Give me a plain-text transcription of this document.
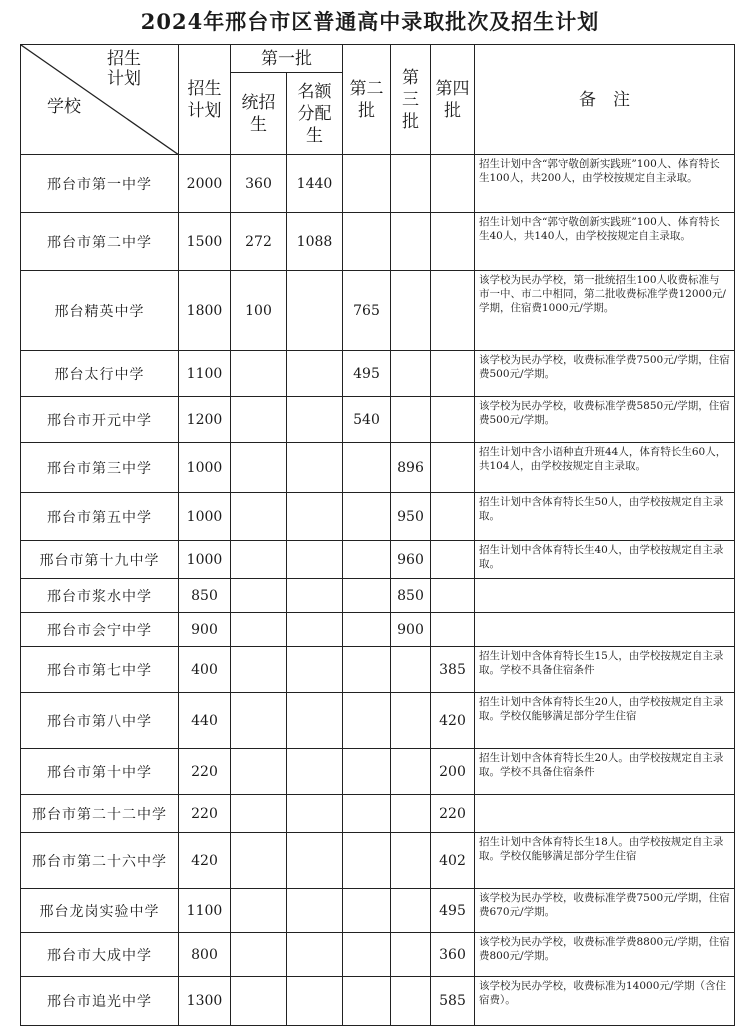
2024年邢台市区普通高中录取批次及招生计划
招生计划
学校	招生计划	第一批		第二批	第三批	第四批	备　注
		统招生	名额分配生				
邢台市第一中学	2000	360	1440				招生计划中含“郭守敬创新实践班”100人、体育特长生100人，共200人，由学校按规定自主录取。
邢台市第二中学	1500	272	1088				招生计划中含“郭守敬创新实践班”100人、体育特长生40人，共140人，由学校按规定自主录取。
邢台精英中学	1800	100		765			该学校为民办学校，第一批统招生100人收费标准与市一中、市二中相同，第二批收费标准学费12000元/学期，住宿费1000元/学期。
邢台太行中学	1100			495			该学校为民办学校，收费标准学费7500元/学期，住宿费500元/学期。
邢台市开元中学	1200			540			该学校为民办学校，收费标准学费5850元/学期，住宿费500元/学期。
邢台市第三中学	1000				896		招生计划中含小语种直升班44人，体育特长生60人，共104人，由学校按规定自主录取。
邢台市第五中学	1000				950		招生计划中含体育特长生50人，由学校按规定自主录取。
邢台市第十九中学	1000				960		招生计划中含体育特长生40人，由学校按规定自主录取。
邢台市浆水中学	850				850		
邢台市会宁中学	900				900		
邢台市第七中学	400					385	招生计划中含体育特长生15人，由学校按规定自主录取。学校不具备住宿条件
邢台市第八中学	440					420	招生计划中含体育特长生20人，由学校按规定自主录取。学校仅能够满足部分学生住宿
邢台市第十中学	220					200	招生计划中含体育特长生20人。由学校按规定自主录取。学校不具备住宿条件
邢台市第二十二中学	220					220	
邢台市第二十六中学	420					402	招生计划中含体育特长生18人。由学校按规定自主录取。学校仅能够满足部分学生住宿
邢台龙岗实验中学	1100					495	该学校为民办学校，收费标准学费7500元/学期，住宿费670元/学期。
邢台市大成中学	800					360	该学校为民办学校，收费标准学费8800元/学期，住宿费800元/学期。
邢台市追光中学	1300					585	该学校为民办学校，收费标准为14000元/学期（含住宿费）。
